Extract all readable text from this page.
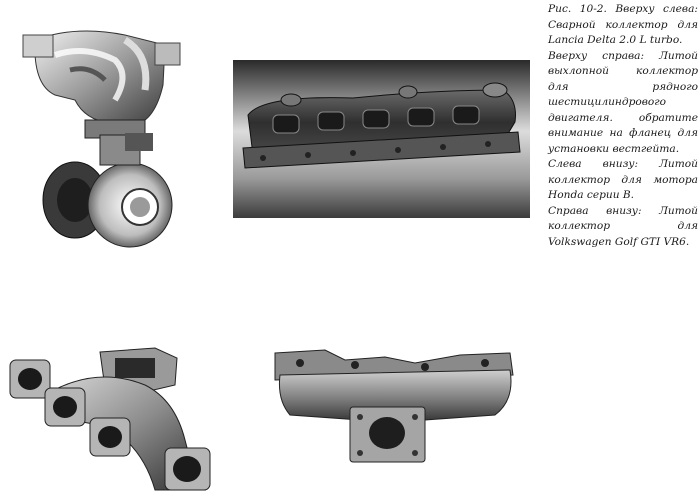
Рис. 10-2. Вверху слева: Сварной коллектор для Lancia Delta 2.0 L turbo.

Вверху справа: Литой выхлопной коллектор для рядного шестицилиндрового двигателя. обратите внимание на фланец для установки вестгейта.

Слева внизу: Литой коллектор для мотора Honda серии B.

Справа внизу: Литой коллектор для Volkswagen Golf GTI VR6.
